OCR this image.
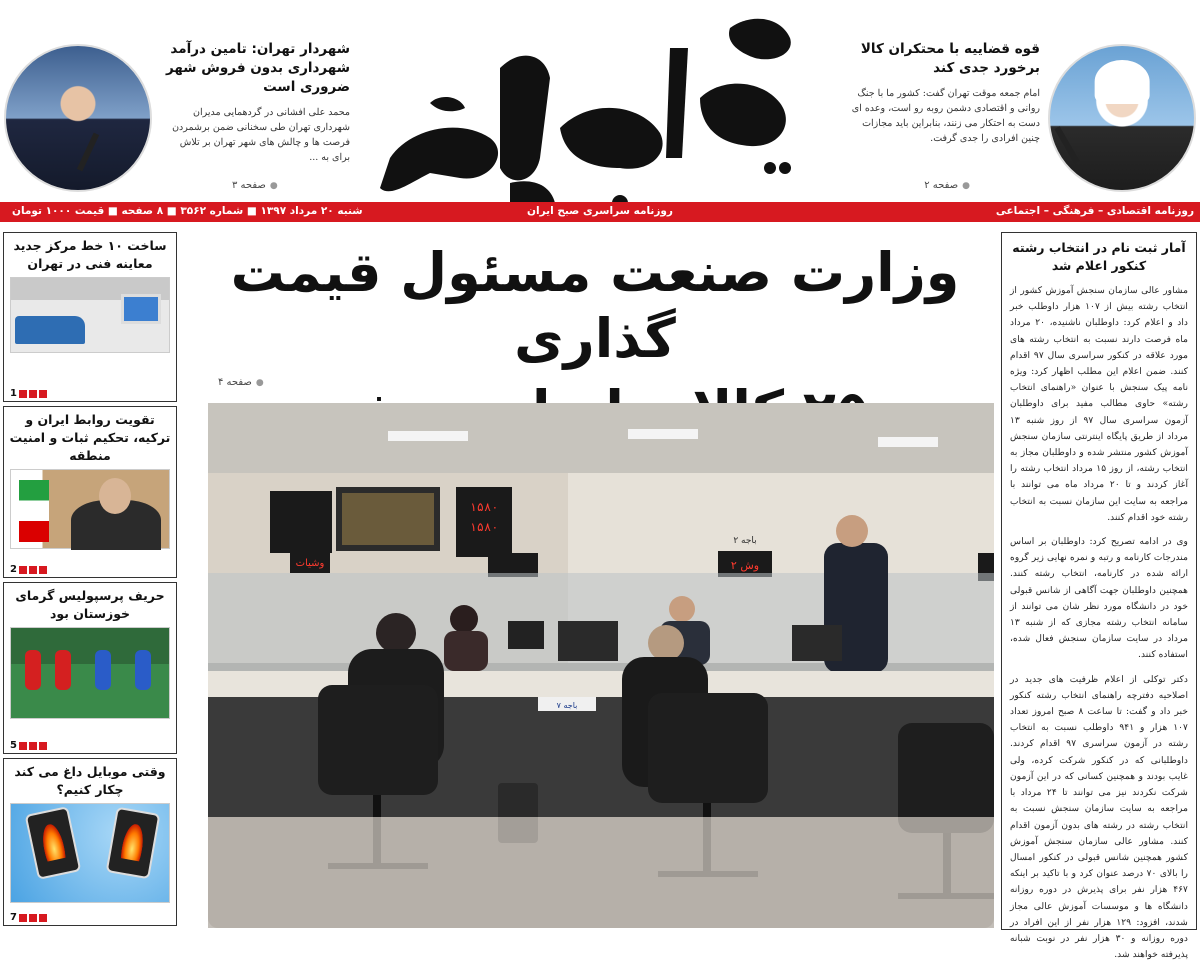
قوه قضاییه با محتکران کالا برخورد جدی کند

امام جمعه موقت تهران گفت: کشور ما با جنگ روانی و اقتصادی دشمن روبه رو است، وعده ای دست به احتکار می زنند، بنابراین باید مجازات چنین افرادی را جدی گرفت.

● صفحه ۲
شهردار تهران: تامین درآمد شهرداری بدون فروش شهر ضروری است

محمد علی افشانی در گردهمایی مدیران شهرداری تهران طی سخنانی ضمن برشمردن فرصت ها و چالش های شهر تهران بر تلاش برای به ...

● صفحه ۳
روزنامه اقتصادی – فرهنگی – اجتماعی
روزنامه سراسری صبح ایران
شنبه ۲۰ مرداد ۱۳۹۷ ■ شماره ۳۵۶۲ ■ ۸ صفحه ■ قیمت ۱۰۰۰ تومان
ساخت ۱۰ خط مرکز جدید معاینه فنی در تهران
1
تقویت روابط ایران و ترکیه، تحکیم ثبات و امنیت منطقه
2
حریف پرسپولیس گرمای خوزستان بود
5
وقتی موبایل داغ می کند چکار کنیم؟
7
وزارت صنعت مسئول قیمت گذاری
● صفحه ۴
۱۵۸۰
۱۵۸۰
وشیات	وش ۲
باجه ۲
باجه ۷
آمار ثبت نام در انتخاب رشته کنکور اعلام شد

مشاور عالی سازمان سنجش آموزش کشور از انتخاب رشته بیش از ۱۰۷ هزار داوطلب خبر داد و اعلام کرد: داوطلبان ناشنیده، ۲۰ مرداد ماه فرصت دارند نسبت به انتخاب رشته های مورد علاقه در کنکور سراسری سال ۹۷ اقدام کنند. ضمن اعلام این مطلب اظهار کرد: ویژه نامه پیک سنجش با عنوان «راهنمای انتخاب رشته» حاوی مطالب مفید برای داوطلبان آزمون سراسری سال ۹۷ از روز شنبه ۱۳ مرداد از طریق پایگاه اینترنتی سازمان سنجش آموزش کشور منتشر شده و داوطلبان مجاز به انتخاب رشته، از روز ۱۵ مرداد انتخاب رشته را آغاز کردند و تا ۲۰ مرداد ماه می توانند با مراجعه به سایت این سازمان نسبت به انتخاب رشته خود اقدام کنند.

وی در ادامه تصریح کرد: داوطلبان بر اساس مندرجات کارنامه و رتبه و نمره نهایی زیر گروه ارائه شده در کارنامه، انتخاب رشته کنند. همچنین داوطلبان جهت آگاهی از شانس قبولی خود در دانشگاه مورد نظر شان می توانند از سامانه انتخاب رشته مجازی که از شنبه ۱۳ مرداد در سایت سازمان سنجش فعال شده، استفاده کنند.

دکتر توکلی از اعلام ظرفیت های جدید در اصلاحیه دفترچه راهنمای انتخاب رشته کنکور خبر داد و گفت: تا ساعت ۸ صبح امروز تعداد ۱۰۷ هزار و ۹۴۱ داوطلب نسبت به انتخاب رشته در آزمون سراسری ۹۷ اقدام کردند. داوطلبانی که در کنکور شرکت کرده، ولی غایب بودند و همچنین کسانی که در این آزمون شرکت نکردند نیز می توانند تا ۲۴ مرداد با مراجعه به سایت سازمان سنجش نسبت به انتخاب رشته در رشته های بدون آزمون اقدام کنند. مشاور عالی سازمان سنجش آموزش کشور همچنین شانس قبولی در کنکور امسال را بالای ۷۰ درصد عنوان کرد و با تاکید بر اینکه ۴۶۷ هزار نفر برای پذیرش در دوره روزانه دانشگاه ها و موسسات آموزش عالی مجاز شدند، افزود: ۱۲۹ هزار نفر از این افراد در دوره روزانه و ۳۰ هزار نفر در نوبت شبانه پذیرفته خواهند شد.
